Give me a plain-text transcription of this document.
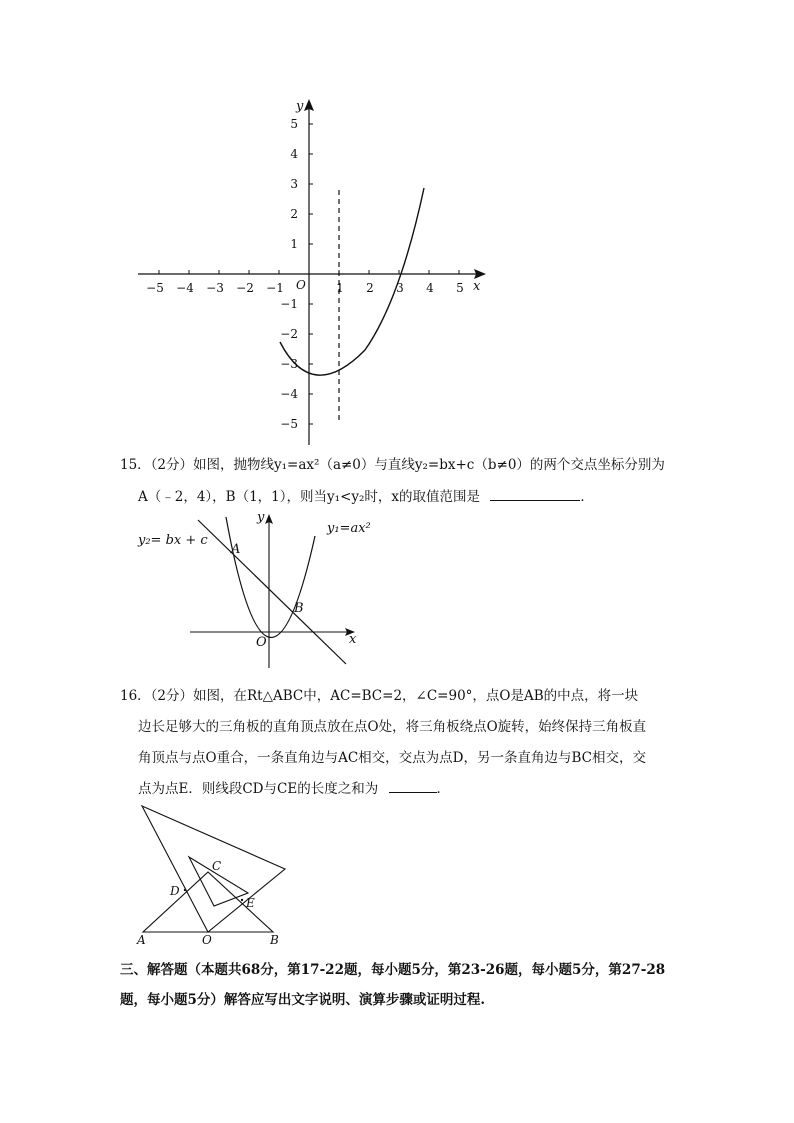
−5 −4 −3 −2 −1	1 2 3 4 5
5
4
3
2
1
−1
−2
−3
−4
−5
y
x
O
15．（2分）如图，抛物线y₁=ax²（a≠0）与直线y₂=bx+c（b≠0）的两个交点坐标分别为
A（﹣2，4），B（1，1），则当y₁<y₂时，x的取值范围是	．
y₂= bx + c
y₁=ax²
A
B
O	x
y
16．（2分）如图，在Rt△ABC中，AC=BC=2，∠C=90°，点O是AB的中点，将一块
边长足够大的三角板的直角顶点放在点O处，将三角板绕点O旋转，始终保持三角板直
角顶点与点O重合，一条直角边与AC相交，交点为点D，另一条直角边与BC相交，交
点为点E．则线段CD与CE的长度之和为	．
A	O	B
C
D
E
三、解答题（本题共68分，第17-22题，每小题5分，第23-26题，每小题5分，第27-28
题，每小题5分）解答应写出文字说明、演算步骤或证明过程.
